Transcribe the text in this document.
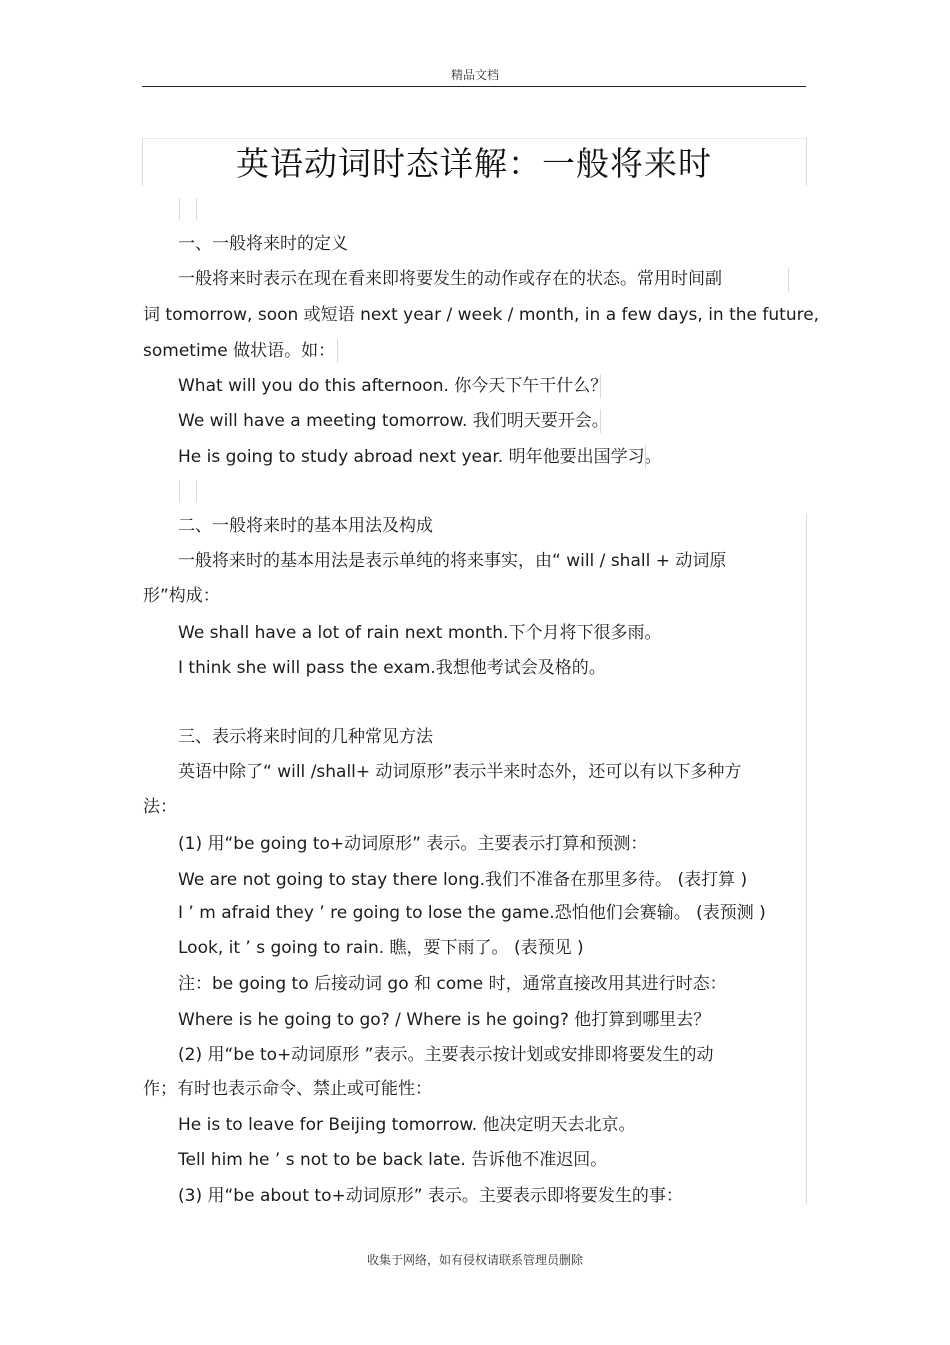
精品文档
英语动词时态详解：一般将来时
一、一般将来时的定义
一般将来时表示在现在看来即将要发生的动作或存在的状态。常用时间副
词 tomorrow, soon 或短语 next year / week / month, in a few days, in the future,
sometime 做状语。如：
What will you do this afternoon. 你今天下午干什么？
We will have a meeting tomorrow. 我们明天要开会。
He is going to study abroad next year. 明年他要出国学习。
二、一般将来时的基本用法及构成
一般将来时的基本用法是表示单纯的将来事实，由“ will / shall + 动词原
形”构成：
We shall have a lot of rain next month.下个月将下很多雨。
I think she will pass the exam.我想他考试会及格的。
三、表示将来时间的几种常见方法
英语中除了“ will /shall+ 动词原形”表示半来时态外，还可以有以下多种方
法：
(1) 用“be going to+动词原形” 表示。主要表示打算和预测：
We are not going to stay there long.我们不准备在那里多待。 (表打算 )
I ’ m afraid they ’ re going to lose the game.恐怕他们会赛输。 (表预测 )
Look, it ’ s going to rain. 瞧，要下雨了。 (表预见 )
注：be going to 后接动词 go 和 come 时，通常直接改用其进行时态：
Where is he going to go? / Where is he going? 他打算到哪里去？
(2) 用“be to+动词原形 ”表示。主要表示按计划或安排即将要发生的动
作；有时也表示命令、禁止或可能性：
He is to leave for Beijing tomorrow. 他决定明天去北京。
Tell him he ’ s not to be back late. 告诉他不准迟回。
(3) 用“be about to+动词原形” 表示。主要表示即将要发生的事：
收集于网络，如有侵权请联系管理员删除
